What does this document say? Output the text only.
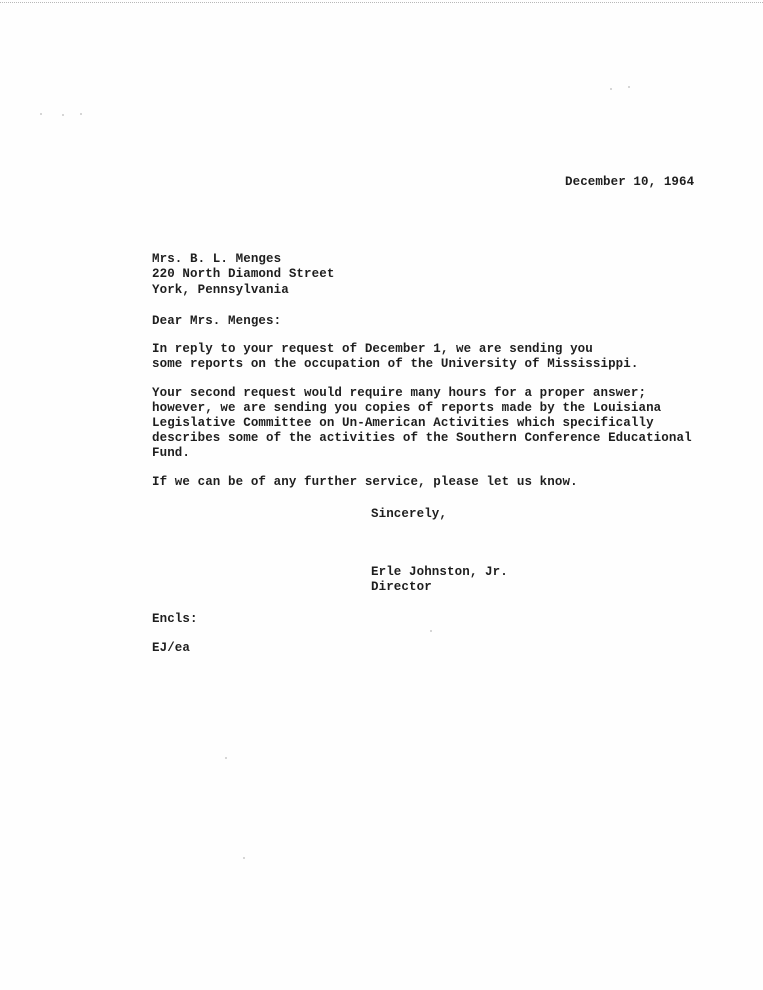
December 10, 1964

Mrs. B. L. Menges

220 North Diamond Street

York, Pennsylvania

Dear Mrs. Menges:

In reply to your request of December 1, we are sending you

some reports on the occupation of the University of Mississippi.

Your second request would require many hours for a proper answer;

however, we are sending you copies of reports made by the Louisiana

Legislative Committee on Un-American Activities which specifically

describes some of the activities of the Southern Conference Educational

Fund.

If we can be of any further service, please let us know.

Sincerely,

Erle Johnston, Jr.

Director

Encls:

EJ/ea
